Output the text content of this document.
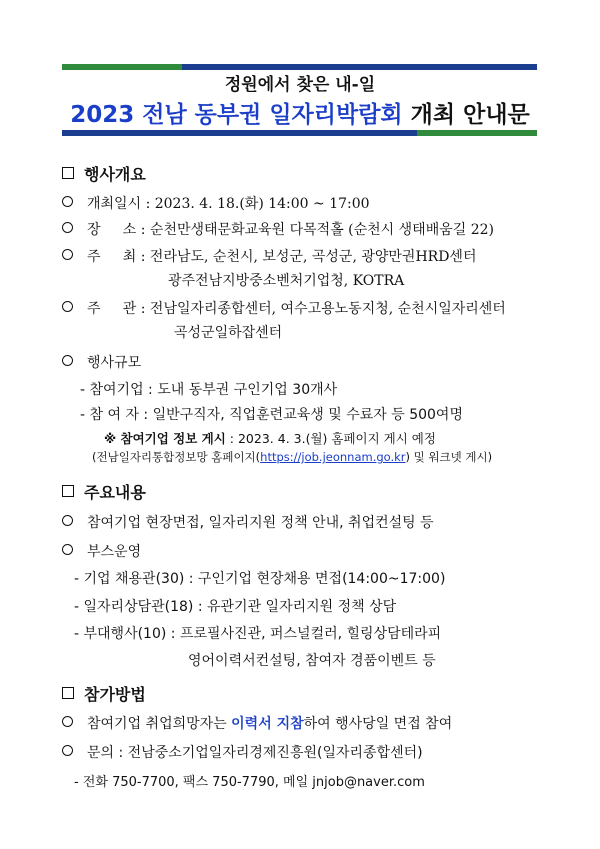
정원에서 찾은 내-일
2023 전남 동부권 일자리박람회 개최 안내문
행사개요
개최일시 : 2023. 4. 18.(화) 14:00 ~ 17:00
장     소 : 순천만생태문화교육원 다목적홀 (순천시 생태배움길 22)
주     최 : 전라남도, 순천시, 보성군, 곡성군, 광양만권HRD센터
광주전남지방중소벤처기업청, KOTRA
주     관 : 전남일자리종합센터, 여수고용노동지청, 순천시일자리센터
곡성군일하잡센터
행사규모
- 참여기업 : 도내 동부권 구인기업 30개사
- 참 여 자 : 일반구직자, 직업훈련교육생 및 수료자 등 500여명
※ 참여기업 정보 게시 : 2023. 4. 3.(월) 홈페이지 게시 예정
(전남일자리통합정보망 홈페이지(https://job.jeonnam.go.kr) 및 워크넷 게시)
주요내용
참여기업 현장면접, 일자리지원 정책 안내, 취업컨설팅 등
부스운영
- 기업 채용관(30) : 구인기업 현장채용 면접(14:00~17:00)
- 일자리상담관(18) : 유관기관 일자리지원 정책 상담
- 부대행사(10) : 프로필사진관, 퍼스널컬러, 힐링상담테라피
영어이력서컨설팅, 참여자 경품이벤트 등
참가방법
참여기업 취업희망자는 이력서 지참하여 행사당일 면접 참여
문의 : 전남중소기업일자리경제진흥원(일자리종합센터)
- 전화 750-7700, 팩스 750-7790, 메일 jnjob@naver.com
